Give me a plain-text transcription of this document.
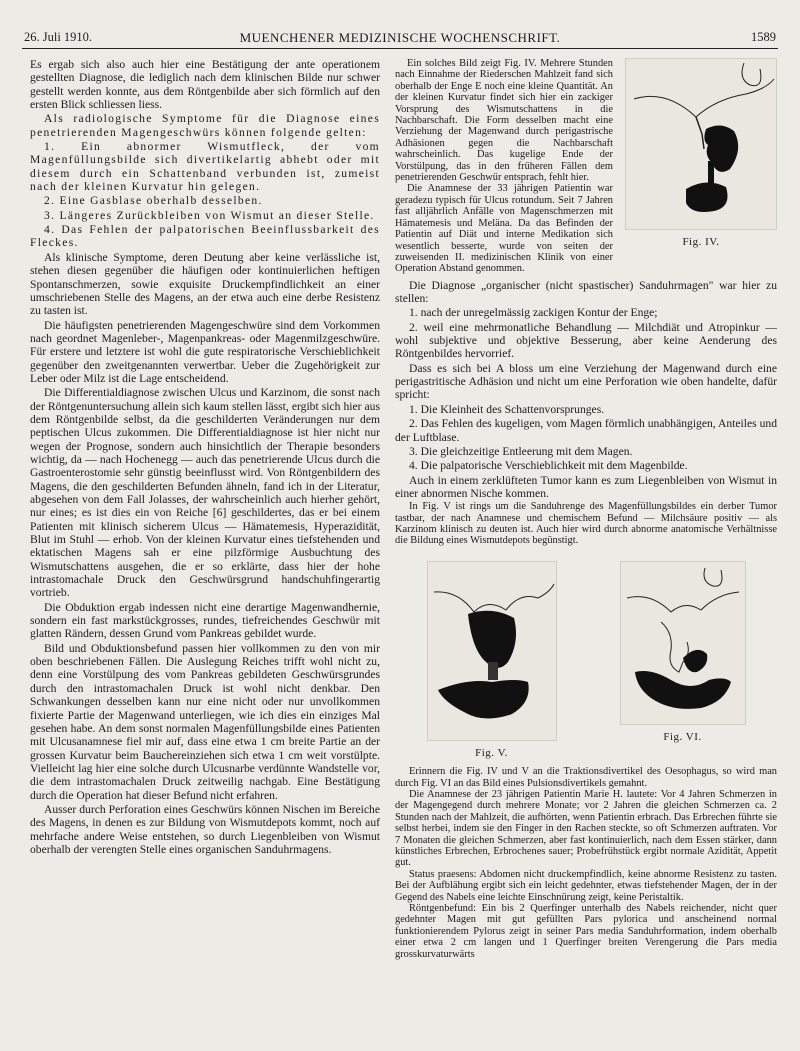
26. Juli 1910.	MUENCHENER MEDIZINISCHE WOCHENSCHRIFT.	1589

Es ergab sich also auch hier eine Bestätigung der ante operationem gestellten Diagnose, die lediglich nach dem klinischen Bilde nur schwer gestellt werden konnte, aus dem Röntgenbilde aber sich förmlich auf den ersten Blick schliessen liess.

Als radiologische Symptome für die Diagnose eines penetrierenden Magengeschwürs können folgende gelten:

1. Ein abnormer Wismutfleck, der vom Magenfüllungsbilde sich divertikelartig abhebt oder mit diesem durch ein Schattenband verbunden ist, zumeist nach der kleinen Kurvatur hin gelegen.

2. Eine Gasblase oberhalb desselben.

3. Längeres Zurückbleiben von Wismut an dieser Stelle.

4. Das Fehlen der palpatorischen Beeinflussbarkeit des Fleckes.

Als klinische Symptome, deren Deutung aber keine verlässliche ist, stehen diesen gegenüber die häufigen oder kontinuierlichen heftigen Spontanschmerzen, sowie exquisite Druckempfindlichkeit an einer umschriebenen Stelle des Magens, an der etwa auch eine derbe Resistenz zu tasten ist.

Die häufigsten penetrierenden Magengeschwüre sind dem Vorkommen nach geordnet Magenleber-, Magenpankreas- oder Magenmilzgeschwüre. Für erstere und letztere ist wohl die gute respiratorische Verschieblichkeit gegenüber den zweitgenannten verwertbar. Ueber die Zugehörigkeit zur Leber oder Milz ist die Lage entscheidend.

Die Differentialdiagnose zwischen Ulcus und Karzinom, die sonst nach der Röntgenuntersuchung allein sich kaum stellen lässt, ergibt sich hier aus dem Röntgenbilde selbst, da die geschilderten Veränderungen nur dem peptischen Ulcus zukommen. Die Differentialdiagnose ist hier nicht nur wegen der Prognose, sondern auch hinsichtlich der Therapie besonders wichtig, da — nach Hochenegg — auch das penetrierende Ulcus durch die Gastroenterostomie sehr günstig beeinflusst wird. Von Röntgenbildern des Magens, die den geschilderten Befunden ähneln, fand ich in der Literatur, abgesehen von dem Fall Jolasses, der wahrscheinlich auch hierher gehört, nur eines; es ist dies ein von Reiche [6] geschildertes, das er bei einem Patienten mit klinisch sicherem Ulcus — Hämatemesis, Hyperazidität, Blut im Stuhl — erhob. Von der kleinen Kurvatur eines tiefstehenden und ektatischen Magens sah er eine pilzförmige Ausbuchtung des Wismutschattens ausgehen, die er so erklärte, dass hier der hohe intrastomachale Druck den Geschwürsgrund handschuhfingerartig vortrieb.

Die Obduktion ergab indessen nicht eine derartige Magenwandhernie, sondern ein fast markstückgrosses, rundes, tiefreichendes Geschwür mit glatten Rändern, dessen Grund vom Pankreas gebildet wurde.

Bild und Obduktionsbefund passen hier vollkommen zu den von mir oben beschriebenen Fällen. Die Auslegung Reiches trifft wohl nicht zu, denn eine Vorstülpung des vom Pankreas gebildeten Geschwürsgrundes durch den intrastomachalen Druck ist wohl nicht denkbar. Den Schwankungen desselben kann nur eine nicht oder nur unvollkommen fixierte Partie der Magenwand unterliegen, wie ich dies ein einziges Mal gesehen habe. An dem sonst normalen Magenfüllungsbilde eines Patienten mit Ulcusanamnese fiel mir auf, dass eine etwa 1 cm breite Partie an der grossen Kurvatur beim Bauchereinziehen sich etwa 1 cm weit vorstülpte. Vielleicht lag hier eine solche durch Ulcusnarbe verdünnte Wandstelle vor, die dem intrastomachalen Druck zeitweilig nachgab. Eine Bestätigung durch die Operation hat dieser Befund nicht erfahren.

Ausser durch Perforation eines Geschwürs können Nischen im Bereiche des Magens, in denen es zur Bildung von Wismutdepots kommt, noch auf mehrfache andere Weise entstehen, so durch Liegenbleiben von Wismut oberhalb der verengten Stelle eines organischen Sanduhrmagens.

Ein solches Bild zeigt Fig. IV. Mehrere Stunden nach Einnahme der Riederschen Mahlzeit fand sich oberhalb der Enge E noch eine kleine Quantität. An der kleinen Kurvatur findet sich hier ein zackiger Vorsprung des Wismutschattens in die Nachbarschaft. Die Form desselben macht eine Verziehung der Magenwand durch perigastrische Adhäsionen gegen die Nachbarschaft wahrscheinlich. Das kugelige Ende der Vorstülpung, das in den früheren Fällen dem penetrierenden Geschwür entsprach, fehlt hier.

Die Anamnese der 33 jährigen Patientin war geradezu typisch für Ulcus rotundum. Seit 7 Jahren fast alljährlich Anfälle von Magenschmerzen mit Hämatemesis und Meläna. Da das Befinden der Patientin auf Diät und interne Medikation sich wesentlich besserte, wurde von seiten der zuweisenden II. medizinischen Klinik von einer Operation Abstand genommen.

Fig. IV.

Die Diagnose „organischer (nicht spastischer) Sanduhrmagen" war hier zu stellen:

1. nach der unregelmässig zackigen Kontur der Enge;

2. weil eine mehrmonatliche Behandlung — Milchdiät und Atropinkur — wohl subjektive und objektive Besserung, aber keine Aenderung des Röntgenbildes hervorrief.

Dass es sich bei A bloss um eine Verziehung der Magenwand durch eine perigastritische Adhäsion und nicht um eine Perforation wie oben handelte, dafür spricht:

1. Die Kleinheit des Schattenvorsprunges.

2. Das Fehlen des kugeligen, vom Magen förmlich unabhängigen, Anteiles und der Luftblase.

3. Die gleichzeitige Entleerung mit dem Magen.

4. Die palpatorische Verschieblichkeit mit dem Magenbilde.

Auch in einem zerklüfteten Tumor kann es zum Liegenbleiben von Wismut in einer abnormen Nische kommen.

In Fig. V ist rings um die Sanduhrenge des Magenfüllungsbildes ein derber Tumor tastbar, der nach Anamnese und chemischem Befund — Milchsäure positiv — als Karzinom klinisch zu deuten ist. Auch hier wird durch abnorme anatomische Verhältnisse die Bildung eines Wismutdepots begünstigt.

Fig. V.
Fig. VI.

Erinnern die Fig. IV und V an die Traktionsdivertikel des Oesophagus, so wird man durch Fig. VI an das Bild eines Pulsionsdivertikels gemahnt.

Die Anamnese der 23 jährigen Patientin Marie H. lautete: Vor 4 Jahren Schmerzen in der Magengegend durch mehrere Monate; vor 2 Jahren die gleichen Schmerzen ca. 2 Stunden nach der Mahlzeit, die aufhörten, wenn Patientin erbrach. Das Erbrechen führte sie selbst herbei, indem sie den Finger in den Rachen steckte, so oft Schmerzen auftraten. Vor 7 Monaten die gleichen Schmerzen, aber fast kontinuierlich, nach dem Essen stärker, dann künstliches Erbrechen, Erbrochenes sauer; Probefrühstück ergibt normale Azidität, Appetit gut.

Status praesens: Abdomen nicht druckempfindlich, keine abnorme Resistenz zu tasten. Bei der Aufblähung ergibt sich ein leicht gedehnter, etwas tiefstehender Magen, der in der Gegend des Nabels eine leichte Einschnürung zeigt, keine Peristaltik.

Röntgenbefund: Ein bis 2 Querfinger unterhalb des Nabels reichender, nicht quer gedehnter Magen mit gut gefüllten Pars pylorica und anscheinend normal funktionierendem Pylorus zeigt in seiner Pars media Sanduhrformation, indem oberhalb einer etwa 2 cm langen und 1 Querfinger breiten Verengerung die Pars media grosskurvaturwärts
